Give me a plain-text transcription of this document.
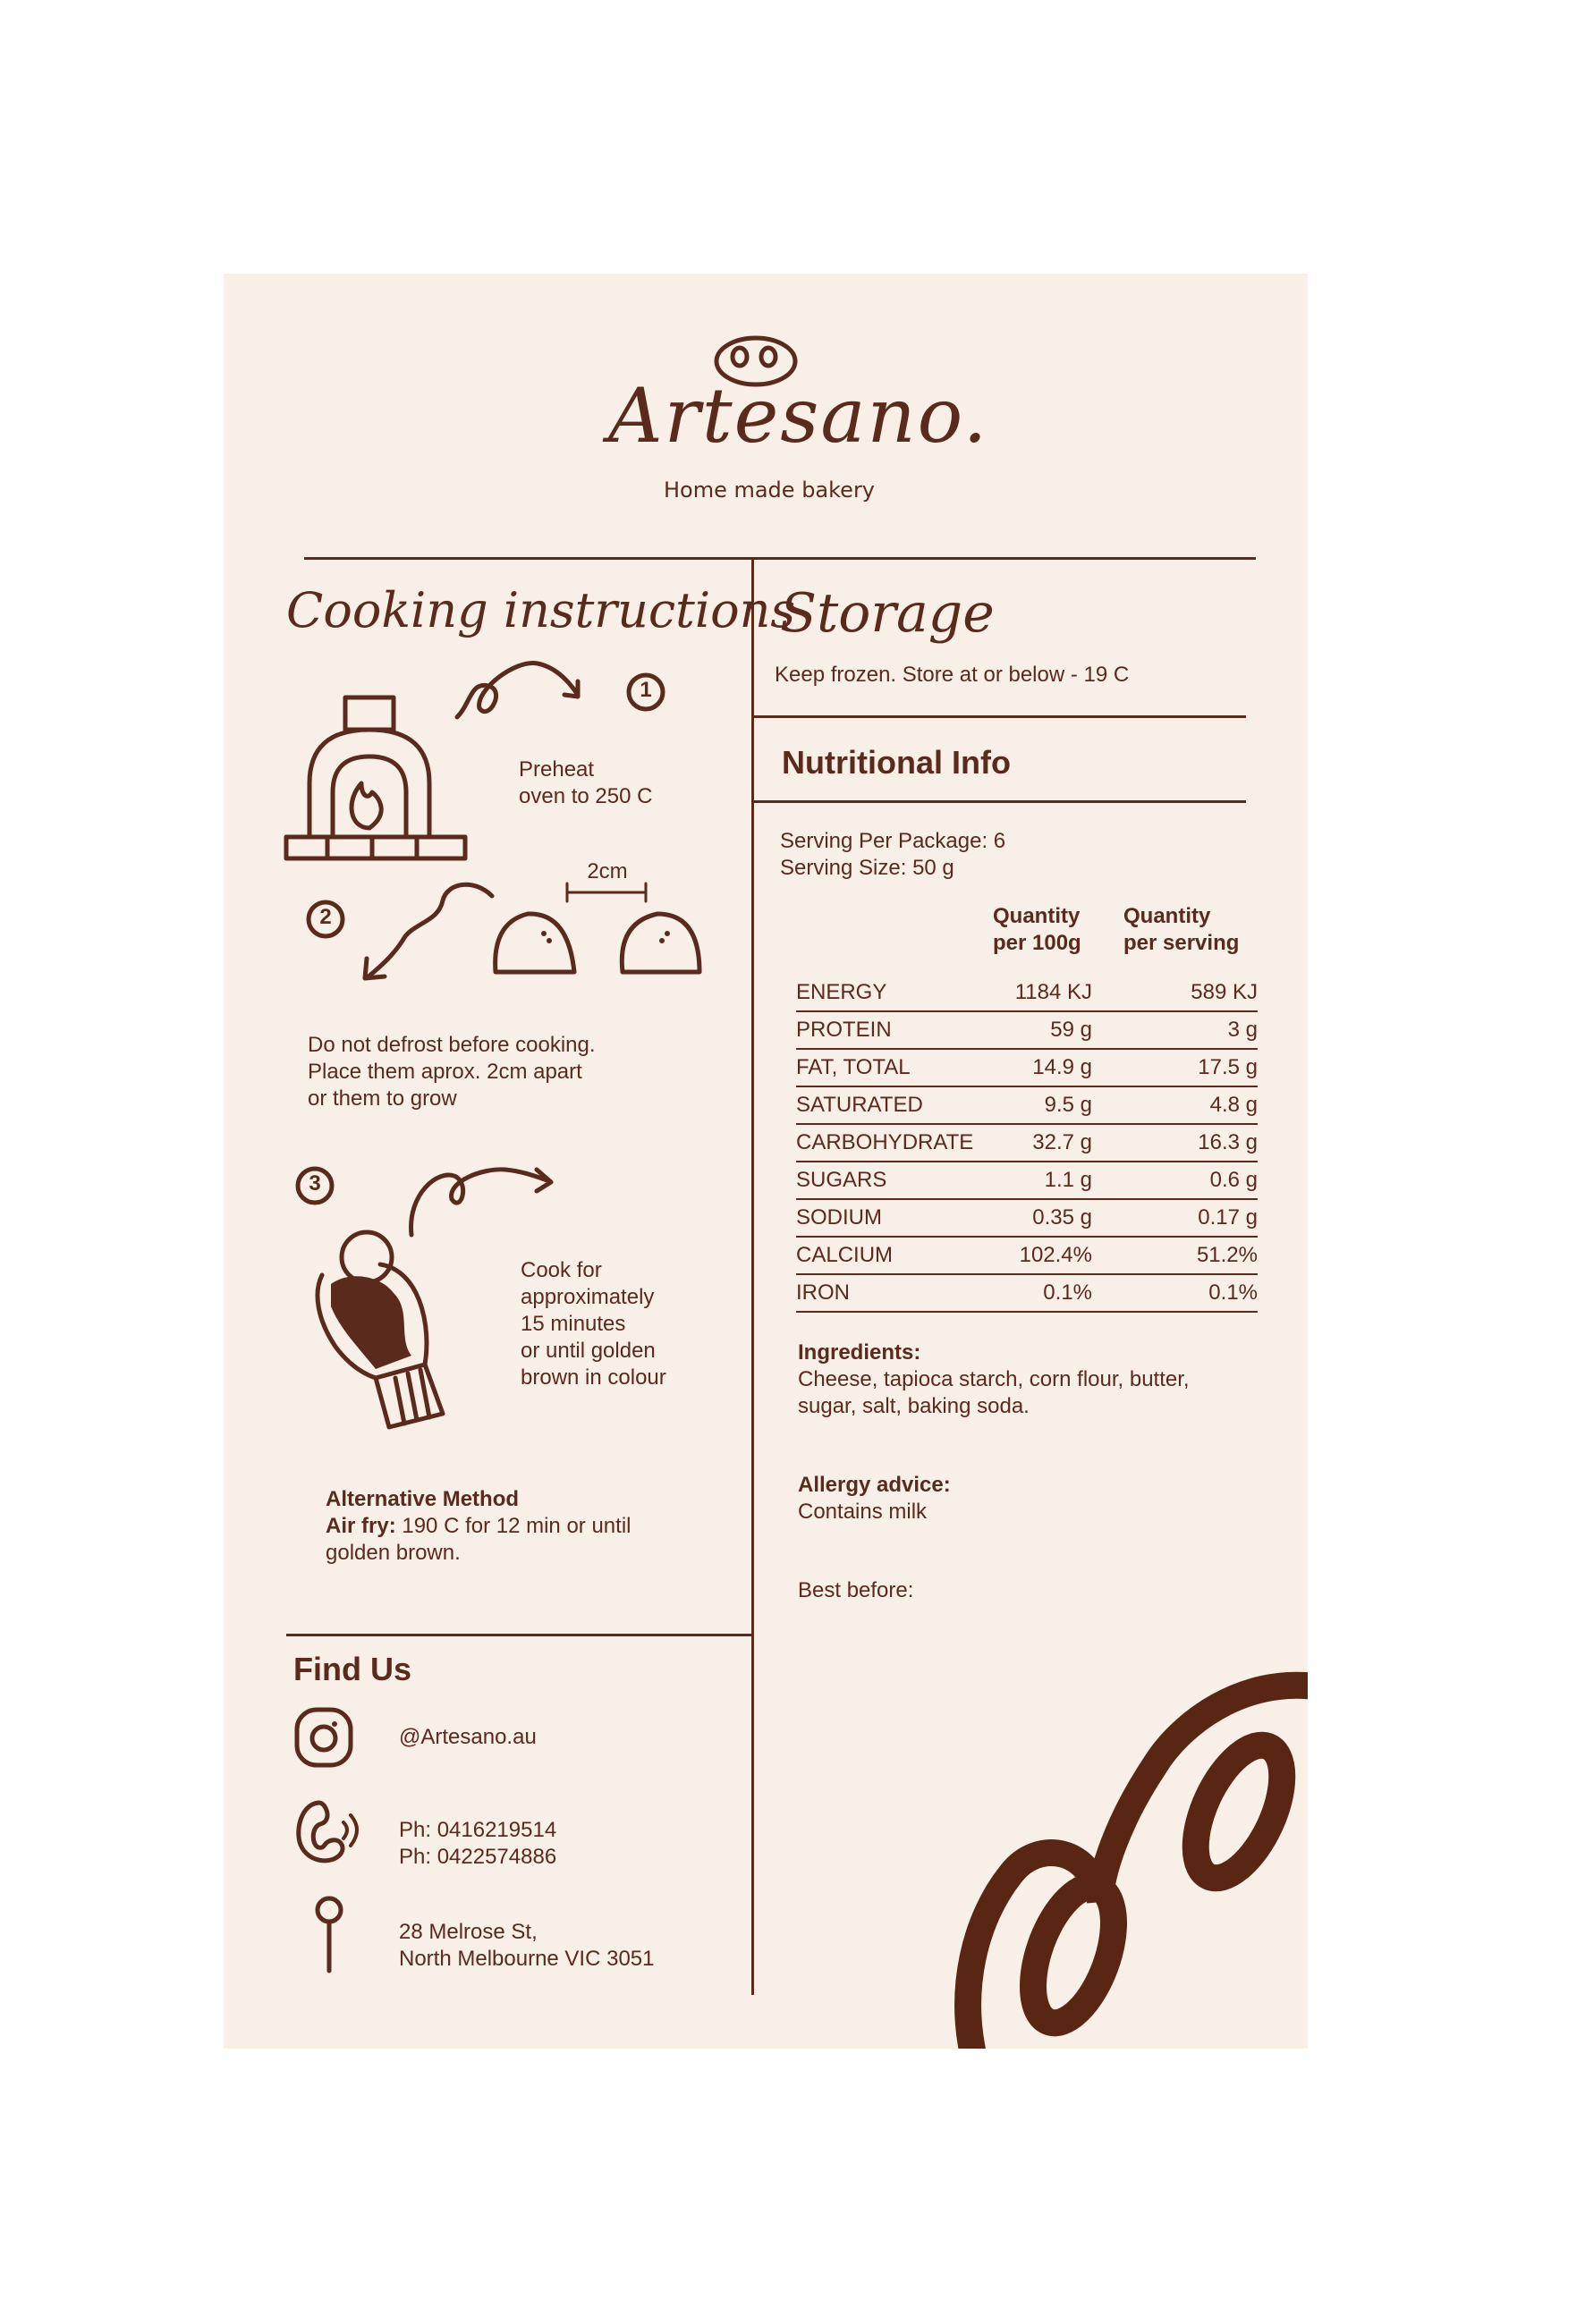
Artesano.
Home made bakery
Cooking instructions
1
Preheat
oven to 250 C
2
2cm
Do not defrost before cooking.
Place them aprox. 2cm apart
or them to grow
3
Cook for
approximately
15 minutes
or until golden
brown in colour
Alternative Method
Air fry: 190 C for 12 min or until
golden brown.
Find Us
@Artesano.au
Ph: 0416219514
Ph: 0422574886
28 Melrose St,
North Melbourne VIC 3051
Storage
Keep frozen. Store at or below - 19 C
Nutritional Info
Serving Per Package: 6
Serving Size: 50 g
Quantity
per 100g
Quantity
per serving
ENERGY	1184 KJ	589 KJ
PROTEIN	59 g	3 g
FAT, TOTAL	14.9 g	17.5 g
SATURATED	9.5 g	4.8 g
CARBOHYDRATE	32.7 g	16.3 g
SUGARS	1.1 g	0.6 g
SODIUM	0.35 g	0.17 g
CALCIUM	102.4%	51.2%
IRON	0.1%	0.1%
Ingredients:
Cheese, tapioca starch, corn flour, butter,
sugar, salt, baking soda.
Allergy advice:
Contains milk
Best before:
